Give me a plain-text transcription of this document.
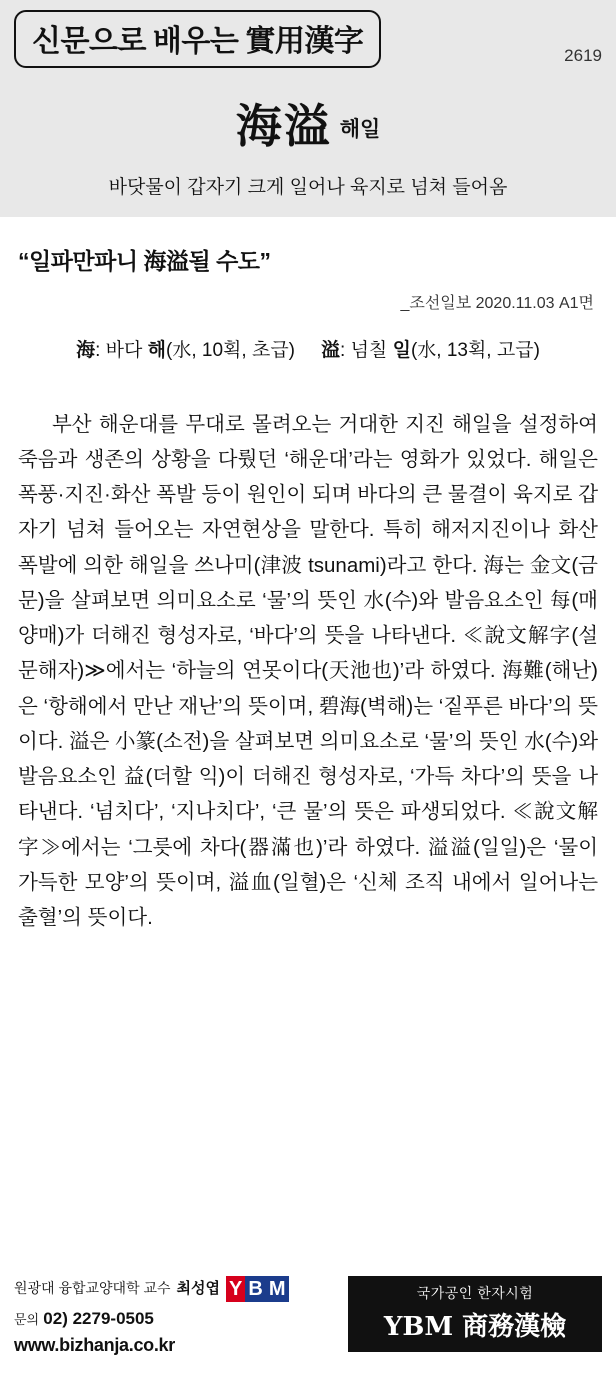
신문으로 배우는 實用漢字	2619
海溢 해일
바닷물이 갑자기 크게 일어나 육지로 넘쳐 들어옴
“일파만파니 海溢될 수도”
_조선일보 2020.11.03 A1면
海: 바다 해(水, 10획, 초급) 溢: 넘칠 일(水, 13획, 고급)

부산 해운대를 무대로 몰려오는 거대한 지진 해일을 설정하여 죽음과 생존의 상황을 다뤘던 ‘해운대’라는 영화가 있었다. 해일은 폭풍·지진·화산 폭발 등이 원인이 되며 바다의 큰 물결이 육지로 갑자기 넘쳐 들어오는 자연현상을 말한다. 특히 해저지진이나 화산 폭발에 의한 해일을 쓰나미(津波 tsunami)라고 한다. 海는 金文(금문)을 살펴보면 의미요소로 ‘물’의 뜻인 水(수)와 발음요소인 每(매양매)가 더해진 형성자로, ‘바다’의 뜻을 나타낸다. ≪說文解字(설문해자)≫에서는 ‘하늘의 연못이다(天池也)’라 하였다. 海難(해난)은 ‘항해에서 만난 재난’의 뜻이며, 碧海(벽해)는 ‘짙푸른 바다’의 뜻이다. 溢은 小篆(소전)을 살펴보면 의미요소로 ‘물’의 뜻인 水(수)와 발음요소인 益(더할 익)이 더해진 형성자로, ‘가득 차다’의 뜻을 나타낸다. ‘넘치다’, ‘지나치다’, ‘큰 물’의 뜻은 파생되었다. ≪說文解字≫에서는 ‘그릇에 차다(器滿也)’라 하였다. 溢溢(일일)은 ‘물이 가득한 모양’의 뜻이며, 溢血(일혈)은 ‘신체 조직 내에서 일어나는 출혈’의 뜻이다.

원광대 융합교양대학 교수 최성엽 Y B M
문의 02) 2279-0505
www.bizhanja.co.kr
국가공인 한자시험
YBM 商務漢檢
